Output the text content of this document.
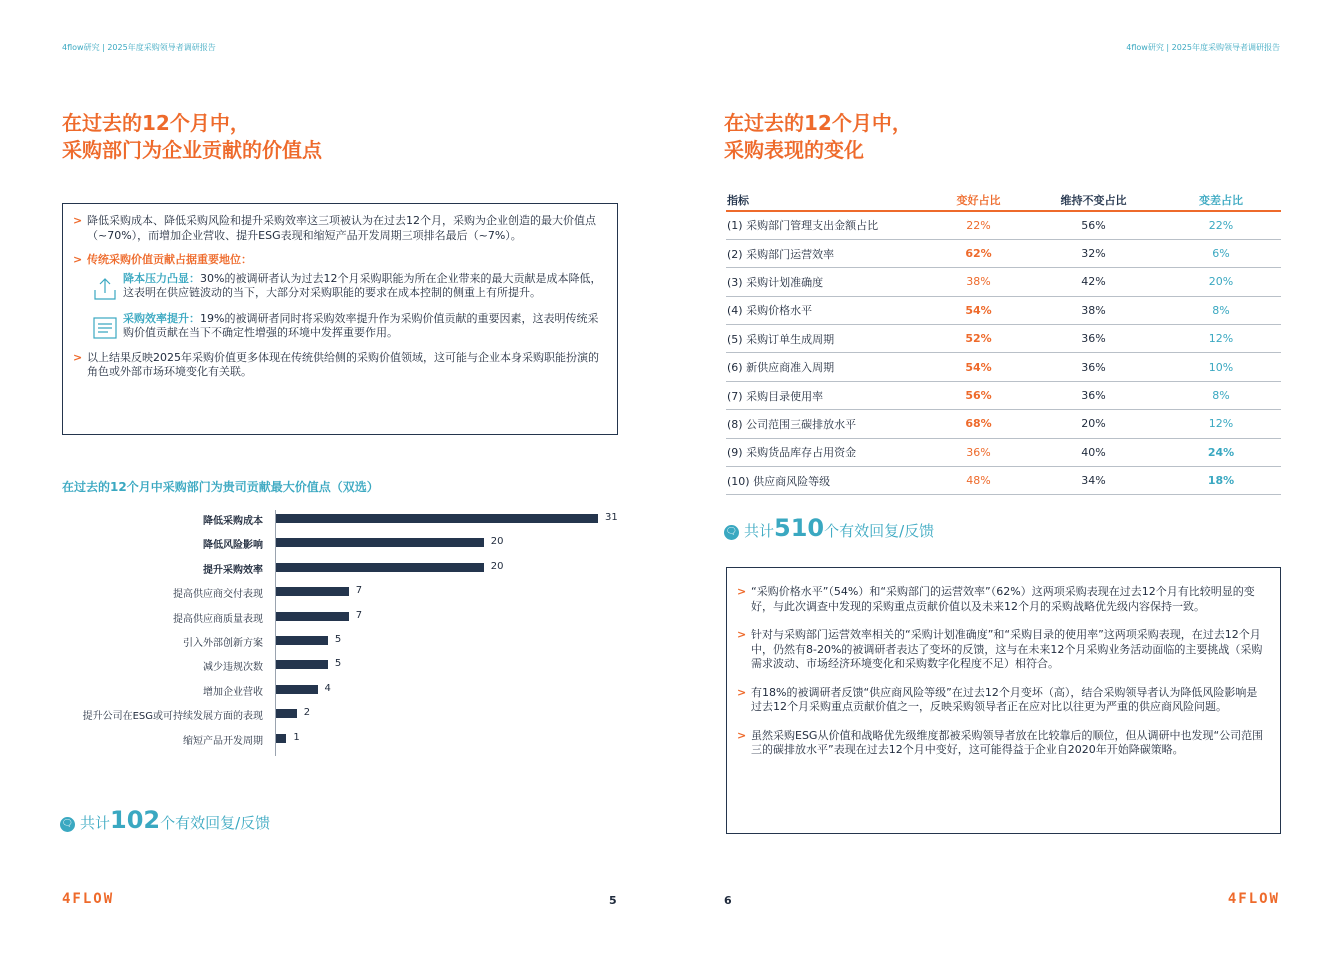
4flow研究 | 2025年度采购领导者调研报告
在过去的12个月中，
采购部门为企业贡献的价值点
> 降低采购成本、降低采购风险和提升采购效率这三项被认为在过去12个月，采购为企业创造的最大价值点（~70%），而增加企业营收、提升ESG表现和缩短产品开发周期三项排名最后（~7%）。
> 传统采购价值贡献占据重要地位：
降本压力凸显：30%的被调研者认为过去12个月采购职能为所在企业带来的最大贡献是成本降低，这表明在供应链波动的当下，大部分对采购职能的要求在成本控制的侧重上有所提升。
采购效率提升：19%的被调研者同时将采购效率提升作为采购价值贡献的重要因素，这表明传统采购价值贡献在当下不确定性增强的环境中发挥重要作用。
> 以上结果反映2025年采购价值更多体现在传统供给侧的采购价值领域，这可能与企业本身采购职能扮演的角色或外部市场环境变化有关联。
在过去的12个月中采购部门为贵司贡献最大价值点（双选）
降低采购成本	31
降低风险影响	20
提升采购效率	20
提高供应商交付表现	7
提高供应商质量表现	7
引入外部创新方案	5
减少违规次数	5
增加企业营收	4
提升公司在ESG或可持续发展方面的表现	2
缩短产品开发周期	1
🗨 共计 102 个有效回复/反馈
4FLOW	5
4flow研究 | 2025年度采购领导者调研报告
在过去的12个月中，
采购表现的变化
指标	变好占比	维持不变占比	变差占比
(1) 采购部门管理支出金额占比	22%	56%	22%
(2) 采购部门运营效率	62%	32%	6%
(3) 采购计划准确度	38%	42%	20%
(4) 采购价格水平	54%	38%	8%
(5) 采购订单生成周期	52%	36%	12%
(6) 新供应商准入周期	54%	36%	10%
(7) 采购目录使用率	56%	36%	8%
(8) 公司范围三碳排放水平	68%	20%	12%
(9) 采购货品库存占用资金	36%	40%	24%
(10) 供应商风险等级	48%	34%	18%
🗨 共计 510 个有效回复/反馈
> “采购价格水平”（54%）和“采购部门的运营效率”（62%）这两项采购表现在过去12个月有比较明显的变好，与此次调查中发现的采购重点贡献价值以及未来12个月的采购战略优先级内容保持一致。
> 针对与采购部门运营效率相关的“采购计划准确度”和“采购目录的使用率”这两项采购表现，在过去12个月中，仍然有8-20%的被调研者表达了变坏的反馈，这与在未来12个月采购业务活动面临的主要挑战（采购需求波动、市场经济环境变化和采购数字化程度不足）相符合。
> 有18%的被调研者反馈“供应商风险等级”在过去12个月变坏（高），结合采购领导者认为降低风险影响是过去12个月采购重点贡献价值之一，反映采购领导者正在应对比以往更为严重的供应商风险问题。
> 虽然采购ESG从价值和战略优先级维度都被采购领导者放在比较靠后的顺位，但从调研中也发现“公司范围三的碳排放水平”表现在过去12个月中变好，这可能得益于企业自2020年开始降碳策略。
6	4FLOW
